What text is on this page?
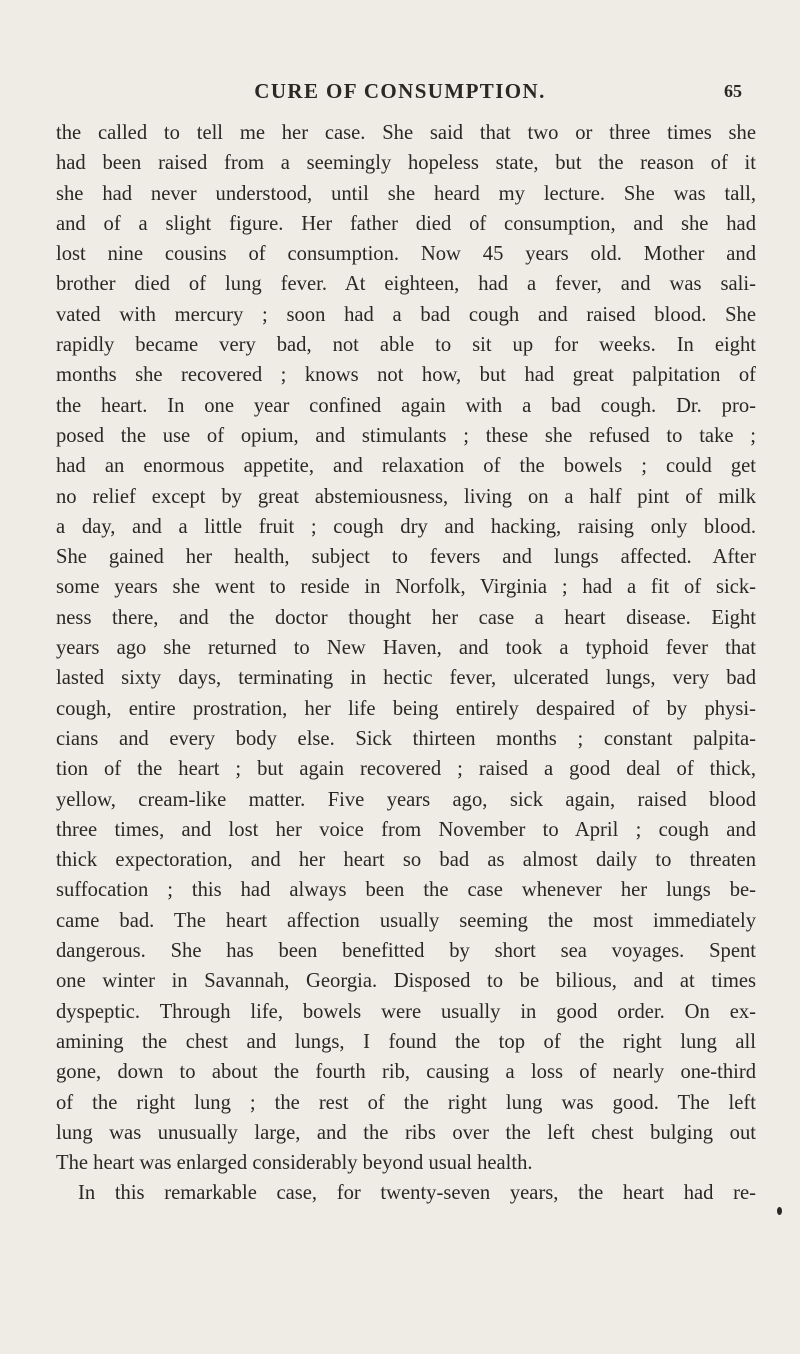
CURE OF CONSUMPTION.	65
the called to tell me her case. She said that two or three times she
had been raised from a seemingly hopeless state, but the reason of it
she had never understood, until she heard my lecture. She was tall,
and of a slight figure. Her father died of consumption, and she had
lost nine cousins of consumption. Now 45 years old. Mother and
brother died of lung fever. At eighteen, had a fever, and was sali-
vated with mercury ; soon had a bad cough and raised blood. She
rapidly became very bad, not able to sit up for weeks. In eight
months she recovered ; knows not how, but had great palpitation of
the heart. In one year confined again with a bad cough. Dr. pro-
posed the use of opium, and stimulants ; these she refused to take ;
had an enormous appetite, and relaxation of the bowels ; could get
no relief except by great abstemiousness, living on a half pint of milk
a day, and a little fruit ; cough dry and hacking, raising only blood.
She gained her health, subject to fevers and lungs affected. After
some years she went to reside in Norfolk, Virginia ; had a fit of sick-
ness there, and the doctor thought her case a heart disease. Eight
years ago she returned to New Haven, and took a typhoid fever that
lasted sixty days, terminating in hectic fever, ulcerated lungs, very bad
cough, entire prostration, her life being entirely despaired of by physi-
cians and every body else. Sick thirteen months ; constant palpita-
tion of the heart ; but again recovered ; raised a good deal of thick,
yellow, cream-like matter. Five years ago, sick again, raised blood
three times, and lost her voice from November to April ; cough and
thick expectoration, and her heart so bad as almost daily to threaten
suffocation ; this had always been the case whenever her lungs be-
came bad. The heart affection usually seeming the most immediately
dangerous. She has been benefitted by short sea voyages. Spent
one winter in Savannah, Georgia. Disposed to be bilious, and at times
dyspeptic. Through life, bowels were usually in good order. On ex-
amining the chest and lungs, I found the top of the right lung all
gone, down to about the fourth rib, causing a loss of nearly one-third
of the right lung ; the rest of the right lung was good. The left
lung was unusually large, and the ribs over the left chest bulging out
The heart was enlarged considerably beyond usual health.
In this remarkable case, for twenty-seven years, the heart had re-
